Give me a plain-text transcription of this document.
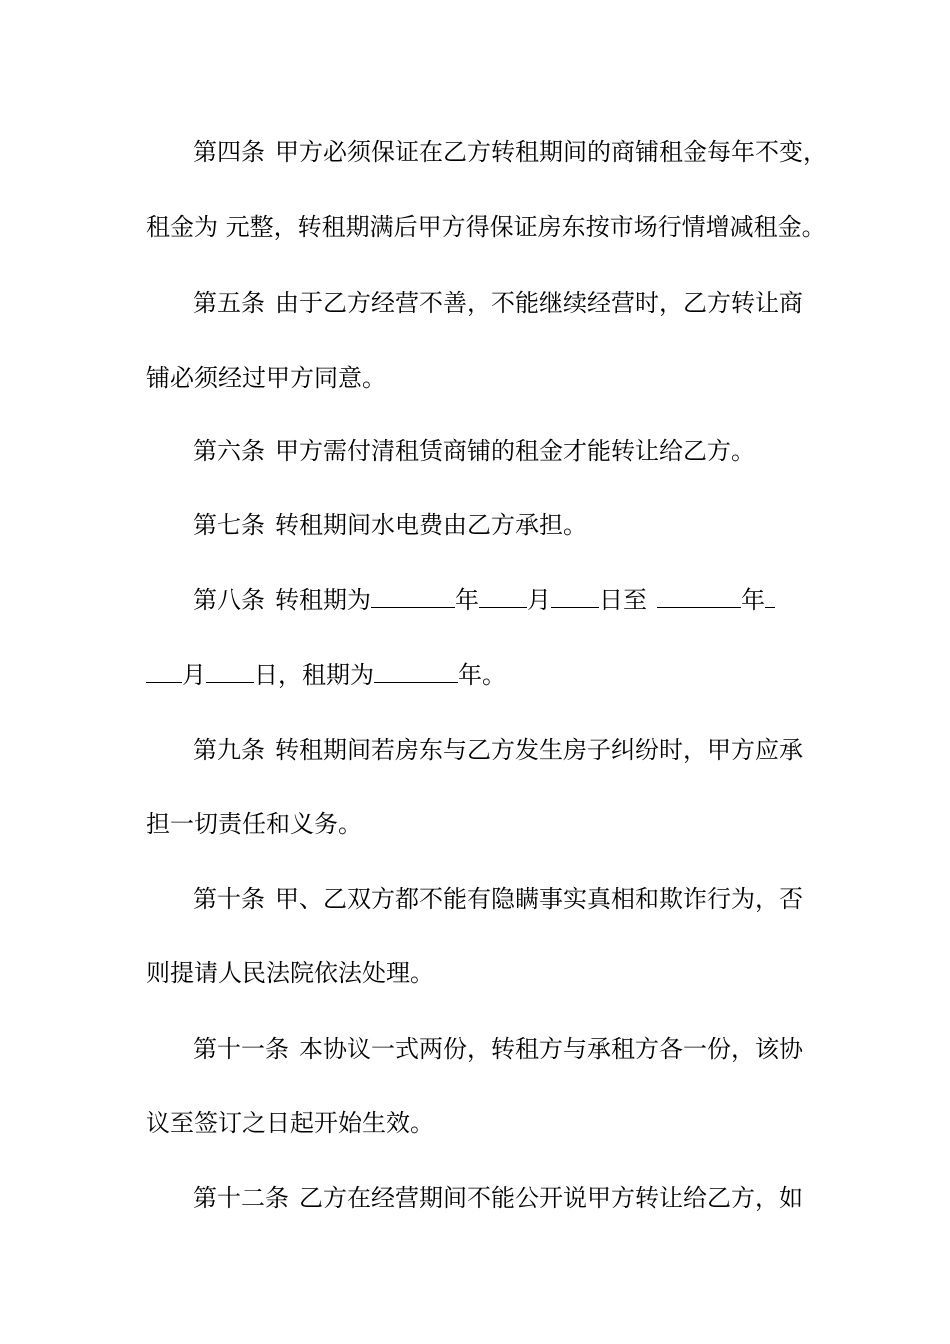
第四条 甲方必须保证在乙方转租期间的商铺租金每年不变，
租金为 元整，转租期满后甲方得保证房东按市场行情增减租金。
第五条 由于乙方经营不善，不能继续经营时，乙方转让商
铺必须经过甲方同意。
第六条 甲方需付清租赁商铺的租金才能转让给乙方。
第七条 转租期间水电费由乙方承担。
第八条 转租期为	年 月 日至	年
月 日，租期为	年。
第九条 转租期间若房东与乙方发生房子纠纷时，甲方应承
担一切责任和义务。
第十条 甲、乙双方都不能有隐瞒事实真相和欺诈行为，否
则提请人民法院依法处理。
第十一条 本协议一式两份，转租方与承租方各一份，该协
议至签订之日起开始生效。
第十二条 乙方在经营期间不能公开说甲方转让给乙方，如
